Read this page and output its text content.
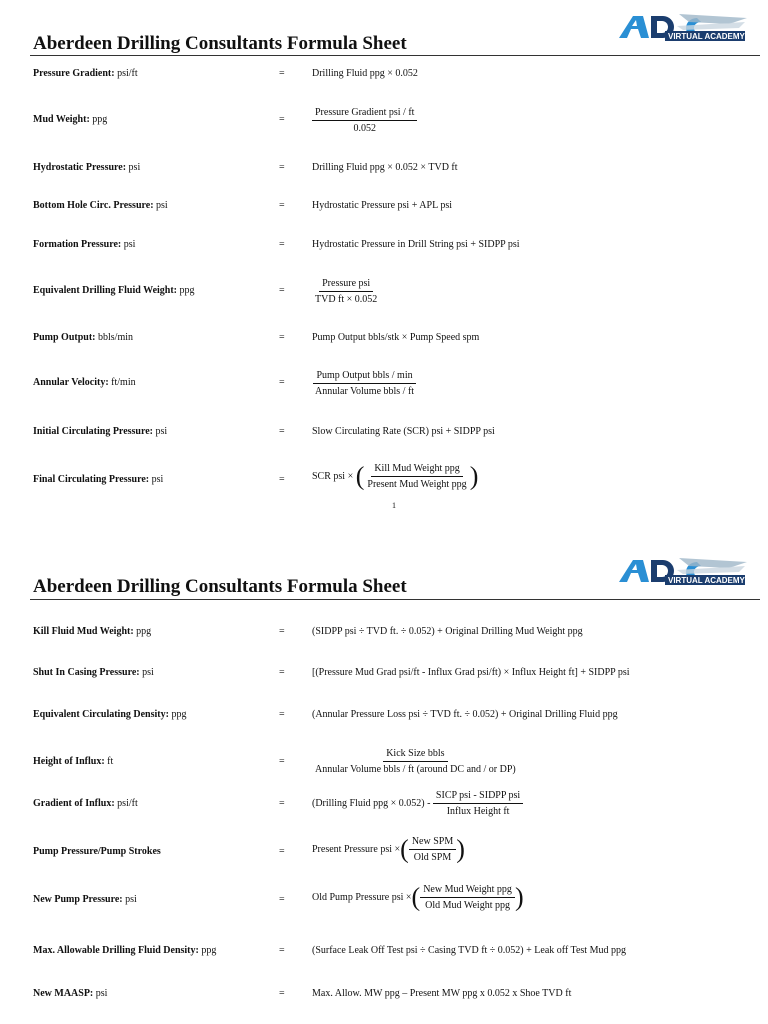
Aberdeen Drilling Consultants Formula Sheet	VIRTUAL ACADEMY
Pressure Gradient: psi/ft	=	Drilling Fluid ppg × 0.052
Mud Weight: ppg	=
Pressure Gradient psi / ft
0.052
Hydrostatic Pressure: psi	=	Drilling Fluid ppg × 0.052 × TVD ft
Bottom Hole Circ. Pressure: psi	=	Hydrostatic Pressure psi + APL psi
Formation Pressure: psi	=	Hydrostatic Pressure in Drill String psi + SIDPP psi
Equivalent Drilling Fluid Weight: ppg	=
Pressure psi
TVD ft × 0.052
Pump Output: bbls/min	=	Pump Output bbls/stk × Pump Speed spm
Annular Velocity: ft/min	=
Pump Output bbls / min
Annular Volume bbls / ft
Initial Circulating Pressure: psi	=	Slow Circulating Rate (SCR) psi + SIDPP psi
Final Circulating Pressure: psi	=	SCR psi × ( $\frac{\text{Kill Mud Weight ppg}}{\text{Present Mud Weight ppg}}$ )
1
Aberdeen Drilling Consultants Formula Sheet	VIRTUAL ACADEMY
Kill Fluid Mud Weight: ppg	=	(SIDPP psi ÷ TVD ft. ÷ 0.052) + Original Drilling Mud Weight ppg
Shut In Casing Pressure: psi	=	[(Pressure Mud Grad psi/ft - Influx Grad psi/ft) × Influx Height ft] + SIDPP psi
Equivalent Circulating Density: ppg	=	(Annular Pressure Loss psi ÷ TVD ft. ÷ 0.052) + Original Drilling Fluid ppg
Height of Influx: ft	=
Kick Size bbls
Annular Volume bbls / ft (around DC and / or DP)
Gradient of Influx: psi/ft	=	(Drilling Fluid ppg × $0.052) - \frac{\text{SICP psi - SIDPP psi}}{\text{Influx Height ft}}$
Pump Pressure/Pump Strokes	=	Present Pressure psi ×( $\frac{\text{New SPM}}{\text{Old SPM}}$ )
New Pump Pressure: psi	=	Old Pump Pressure psi ×( $\frac{\text{New Mud Weight ppg}}{\text{Old Mud Weight ppg}}$ )
Max. Allowable Drilling Fluid Density: ppg	=	(Surface Leak Off Test psi ÷ Casing TVD ft ÷ 0.052) + Leak off Test Mud ppg
New MAASP: psi	=	Max. Allow. MW ppg – Present MW ppg x 0.052 x Shoe TVD ft
